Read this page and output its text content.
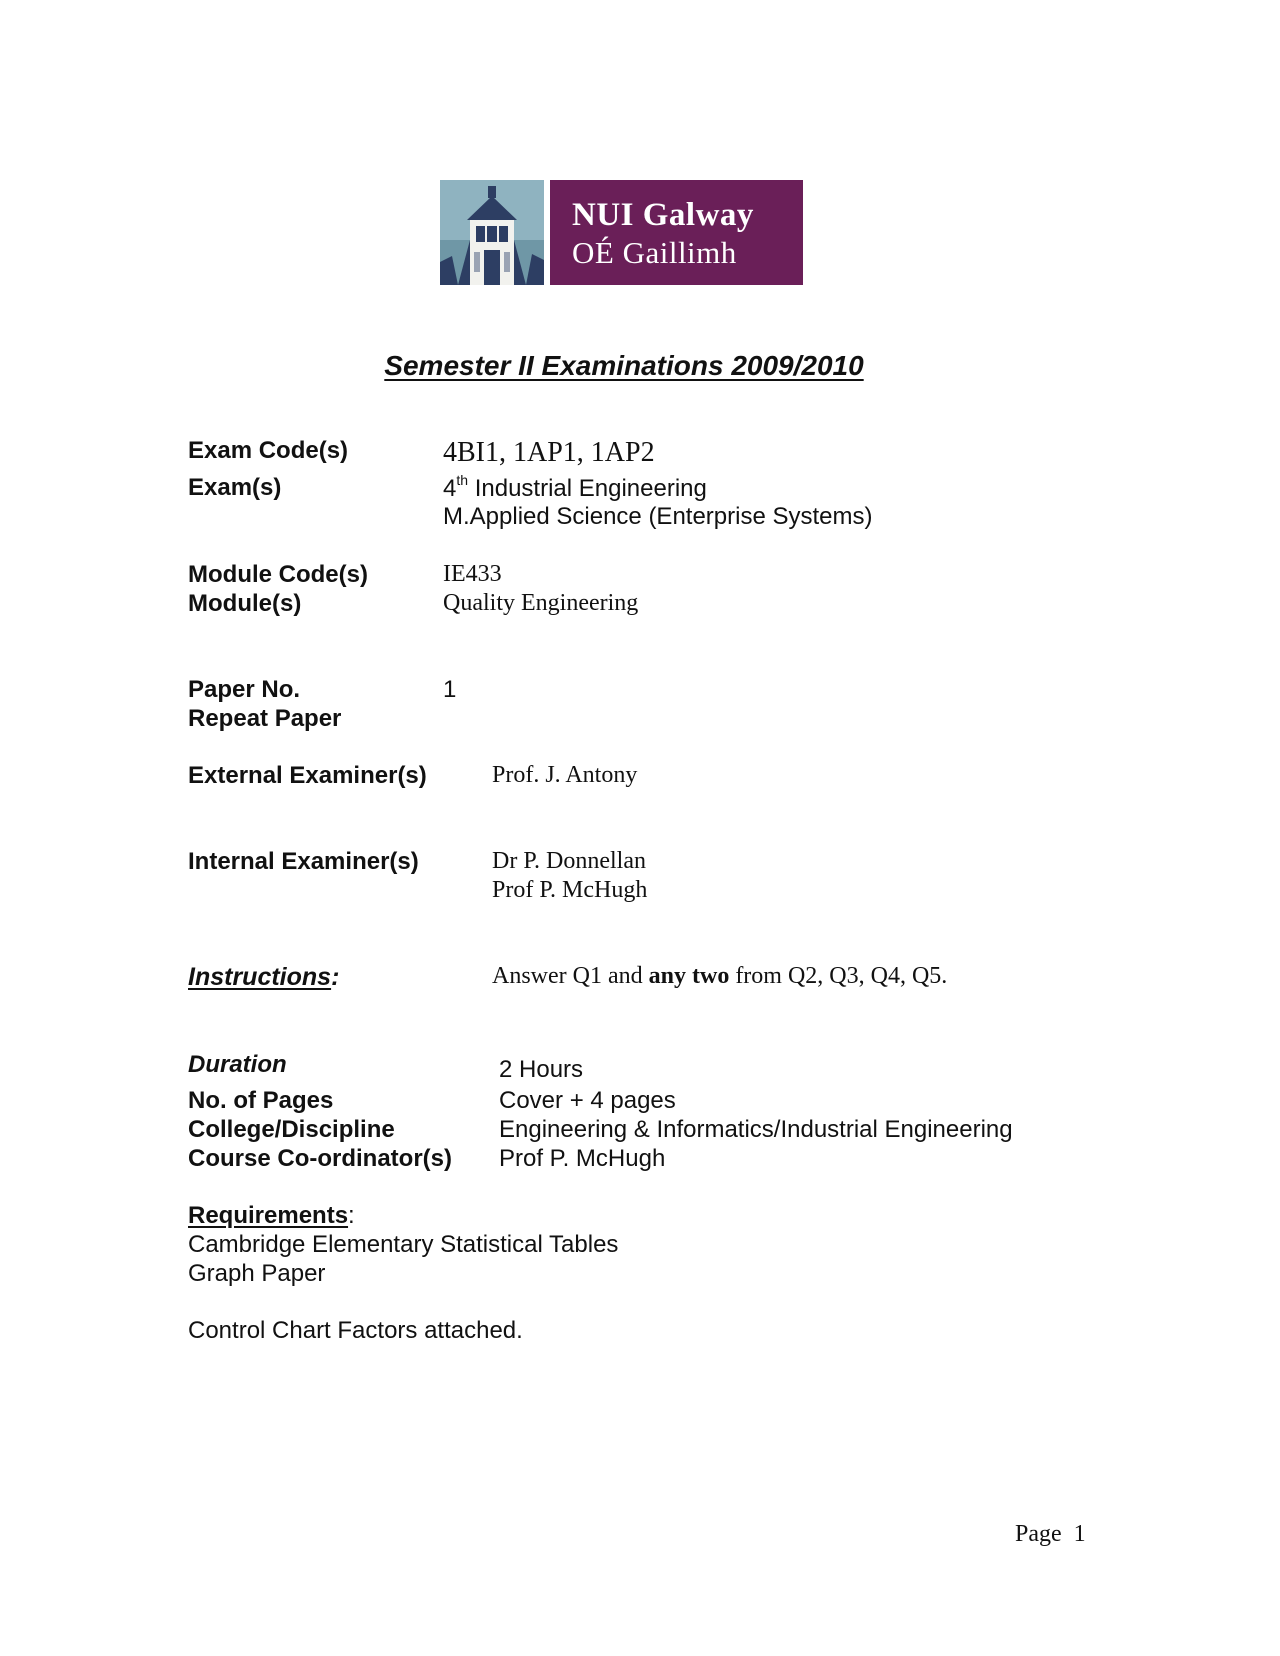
NUI Galway
OÉ Gaillimh
Semester II Examinations 2009/2010
Exam Code(s)	4BI1, 1AP1, 1AP2
Exam(s)	4th Industrial Engineering
M.Applied Science (Enterprise Systems)
Module Code(s)	IE433
Module(s)	Quality Engineering
Paper No.	1
Repeat Paper
External Examiner(s)	Prof. J. Antony
Internal Examiner(s)	Dr P. Donnellan
Prof P. McHugh
Instructions:	Answer Q1 and any two from Q2, Q3, Q4, Q5.
Duration	2 Hours
No. of Pages	Cover + 4 pages
College/Discipline	Engineering & Informatics/Industrial Engineering
Course Co-ordinator(s) Prof P. McHugh
Requirements:
Cambridge Elementary Statistical Tables
Graph Paper
Control Chart Factors attached.
Page 1
